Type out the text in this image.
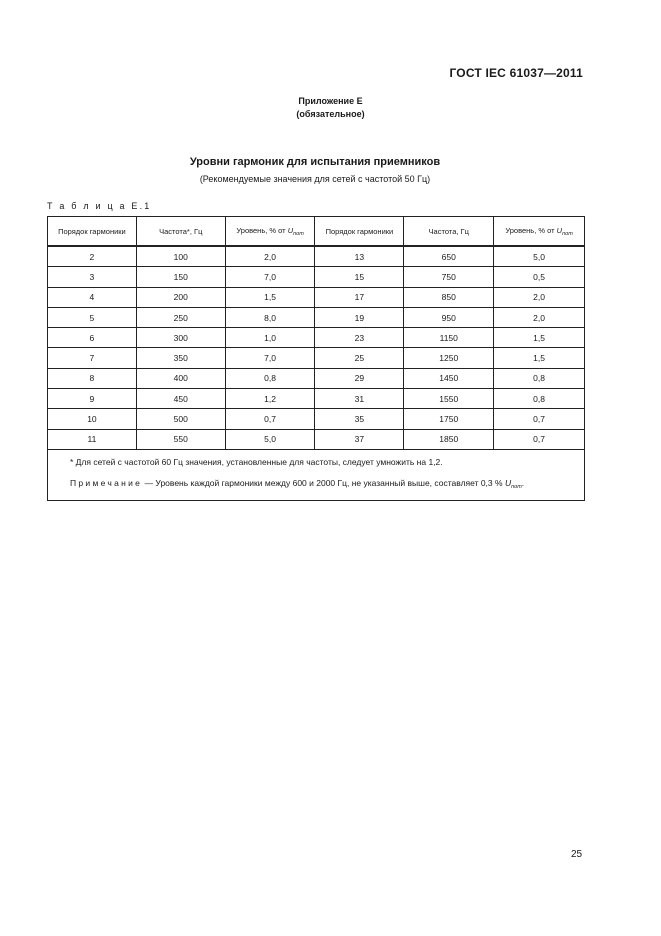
ГОСТ IEC 61037—2011
Приложение E
(обязательное)
Уровни гармоник для испытания приемников
(Рекомендуемые значения для сетей с частотой 50 Гц)
Т а б л и ц а E.1
Порядок гармоники	Частота*, Гц	Уровень, % от $U_{nom}$	Порядок гармоники	Частота, Гц	Уровень, % от $U_{nom}$
2	100	2,0	13	650	5,0
3	150	7,0	15	750	0,5
4	200	1,5	17	850	2,0
5	250	8,0	19	950	2,0
6	300	1,0	23	1150	1,5
7	350	7,0	25	1250	1,5
8	400	0,8	29	1450	0,8
9	450	1,2	31	1550	0,8
10	500	0,7	35	1750	0,7
11	550	5,0	37	1850	0,7

* Для сетей с частотой 60 Гц значения, установленные для частоты, следует умножить на 1,2.

Примечание — Уровень каждой гармоники между 600 и 2000 Гц, не указанный выше, составляет 0,3 % $U_{nom}$.

25
